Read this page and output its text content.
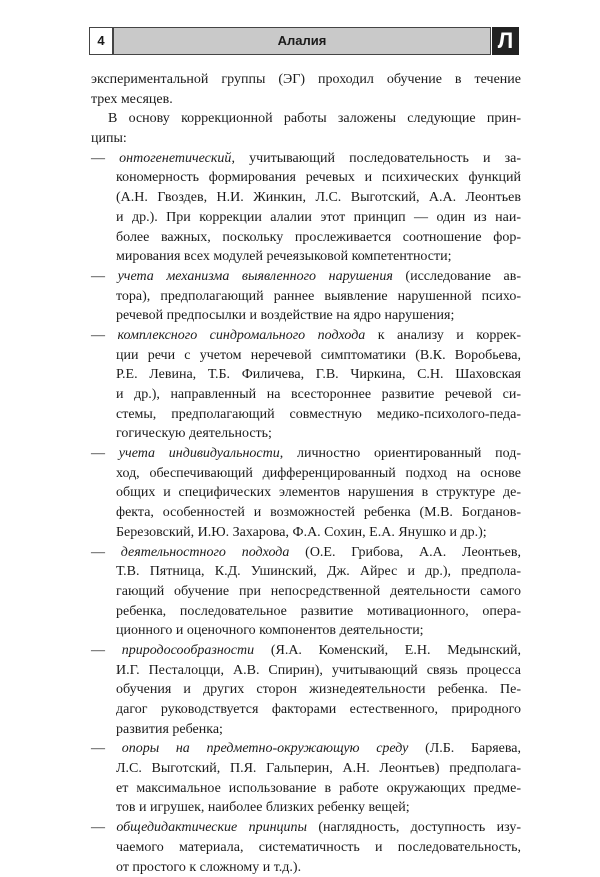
4	Алалия	Л
экспериментальной группы (ЭГ) проходил обучение в течение
трех месяцев.
В основу коррекционной работы заложены следующие прин-
ципы:
— онтогенетический, учитывающий последовательность и за-
кономерность формирования речевых и психических функций
(А.Н. Гвоздев, Н.И. Жинкин, Л.С. Выготский, А.А. Леонтьев
и др.). При коррекции алалии этот принцип — один из наи-
более важных, поскольку прослеживается соотношение фор-
мирования всех модулей речеязыковой компетентности;
— учета механизма выявленного нарушения (исследование ав-
тора), предполагающий раннее выявление нарушенной психо-
речевой предпосылки и воздействие на ядро нарушения;
— комплексного синдромального подхода к анализу и коррек-
ции речи с учетом неречевой симптоматики (В.К. Воробьева,
Р.Е. Левина, Т.Б. Филичева, Г.В. Чиркина, С.Н. Шаховская
и др.), направленный на всестороннее развитие речевой си-
стемы, предполагающий совместную медико-психолого-педа-
гогическую деятельность;
— учета индивидуальности, личностно ориентированный под-
ход, обеспечивающий дифференцированный подход на основе
общих и специфических элементов нарушения в структуре де-
фекта, особенностей и возможностей ребенка (М.В. Богданов-
Березовский, И.Ю. Захарова, Ф.А. Сохин, Е.А. Янушко и др.);
— деятельностного подхода (О.Е. Грибова, А.А. Леонтьев,
Т.В. Пятница, К.Д. Ушинский, Дж. Айрес и др.), предпола-
гающий обучение при непосредственной деятельности самого
ребенка, последовательное развитие мотивационного, опера-
ционного и оценочного компонентов деятельности;
— природосообразности (Я.А. Коменский, Е.Н. Медынский,
И.Г. Песталоцци, А.В. Спирин), учитывающий связь процесса
обучения и других сторон жизнедеятельности ребенка. Пе-
дагог руководствуется факторами естественного, природного
развития ребенка;
— опоры на предметно-окружающую среду (Л.Б. Баряева,
Л.С. Выготский, П.Я. Гальперин, А.Н. Леонтьев) предполага-
ет максимальное использование в работе окружающих предме-
тов и игрушек, наиболее близких ребенку вещей;
— общедидактические принципы (наглядность, доступность изу-
чаемого материала, систематичность и последовательность,
от простого к сложному и т.д.).
